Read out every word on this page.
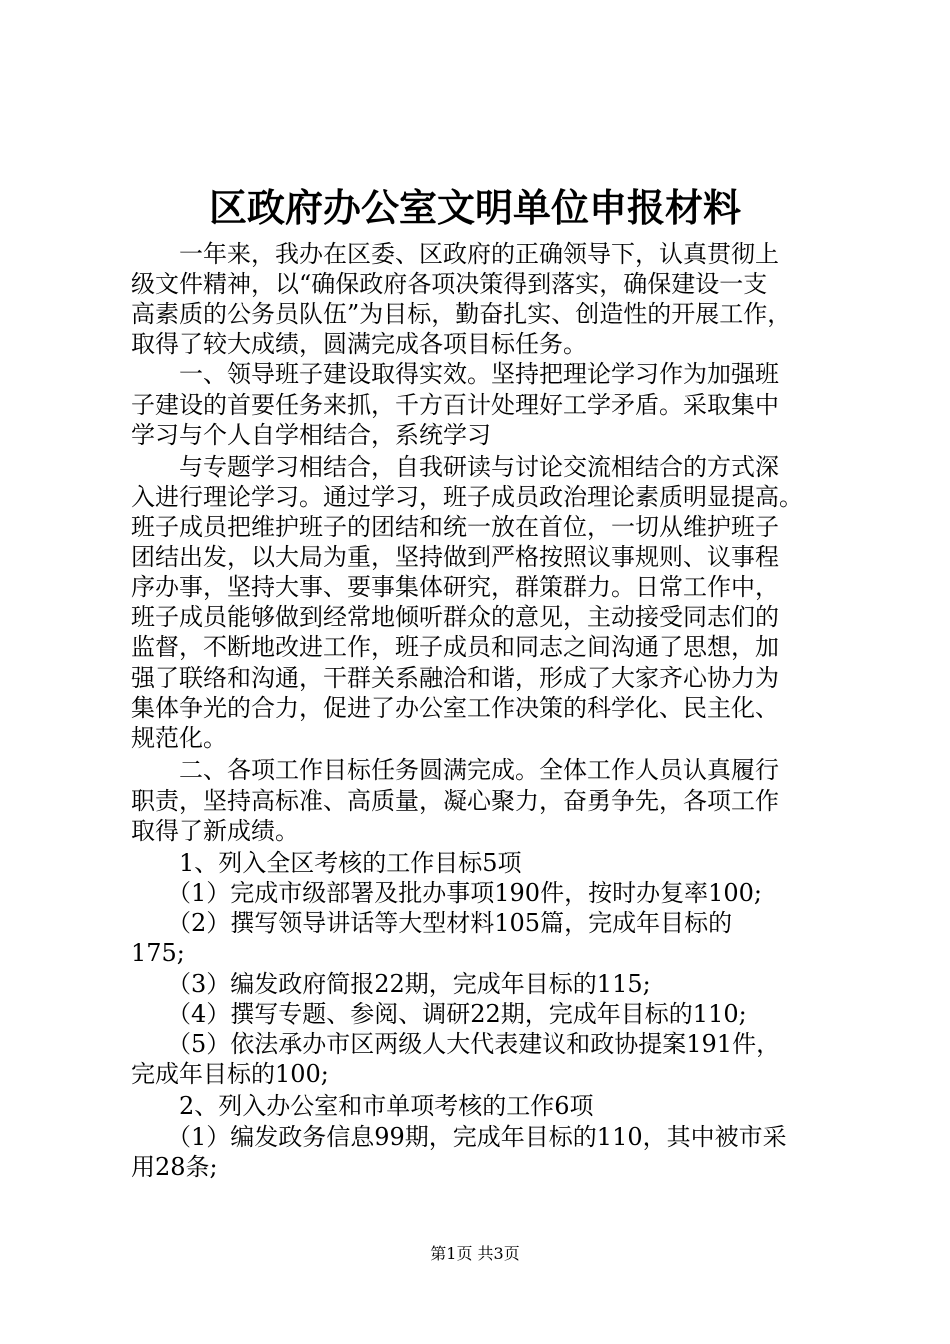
区政府办公室文明单位申报材料

　　一年来，我办在区委、区政府的正确领导下，认真贯彻上

级文件精神，以“确保政府各项决策得到落实，确保建设一支

高素质的公务员队伍”为目标，勤奋扎实、创造性的开展工作，

取得了较大成绩，圆满完成各项目标任务。

　　一、领导班子建设取得实效。坚持把理论学习作为加强班

子建设的首要任务来抓，千方百计处理好工学矛盾。采取集中

学习与个人自学相结合，系统学习

　　与专题学习相结合，自我研读与讨论交流相结合的方式深

入进行理论学习。通过学习，班子成员政治理论素质明显提高。

班子成员把维护班子的团结和统一放在首位，一切从维护班子

团结出发，以大局为重，坚持做到严格按照议事规则、议事程

序办事，坚持大事、要事集体研究，群策群力。日常工作中，

班子成员能够做到经常地倾听群众的意见，主动接受同志们的

监督，不断地改进工作，班子成员和同志之间沟通了思想，加

强了联络和沟通，干群关系融洽和谐，形成了大家齐心协力为

集体争光的合力，促进了办公室工作决策的科学化、民主化、

规范化。

　　二、各项工作目标任务圆满完成。全体工作人员认真履行

职责，坚持高标准、高质量，凝心聚力，奋勇争先，各项工作

取得了新成绩。

　　1、列入全区考核的工作目标5项

　　（1）完成市级部署及批办事项190件，按时办复率100;

　　（2）撰写领导讲话等大型材料105篇，完成年目标的

175;

　　（3）编发政府简报22期，完成年目标的115;

　　（4）撰写专题、参阅、调研22期，完成年目标的110;

　　（5）依法承办市区两级人大代表建议和政协提案191件，

完成年目标的100;

　　2、列入办公室和市单项考核的工作6项

　　（1）编发政务信息99期，完成年目标的110，其中被市采

用28条;

第1页 共3页
